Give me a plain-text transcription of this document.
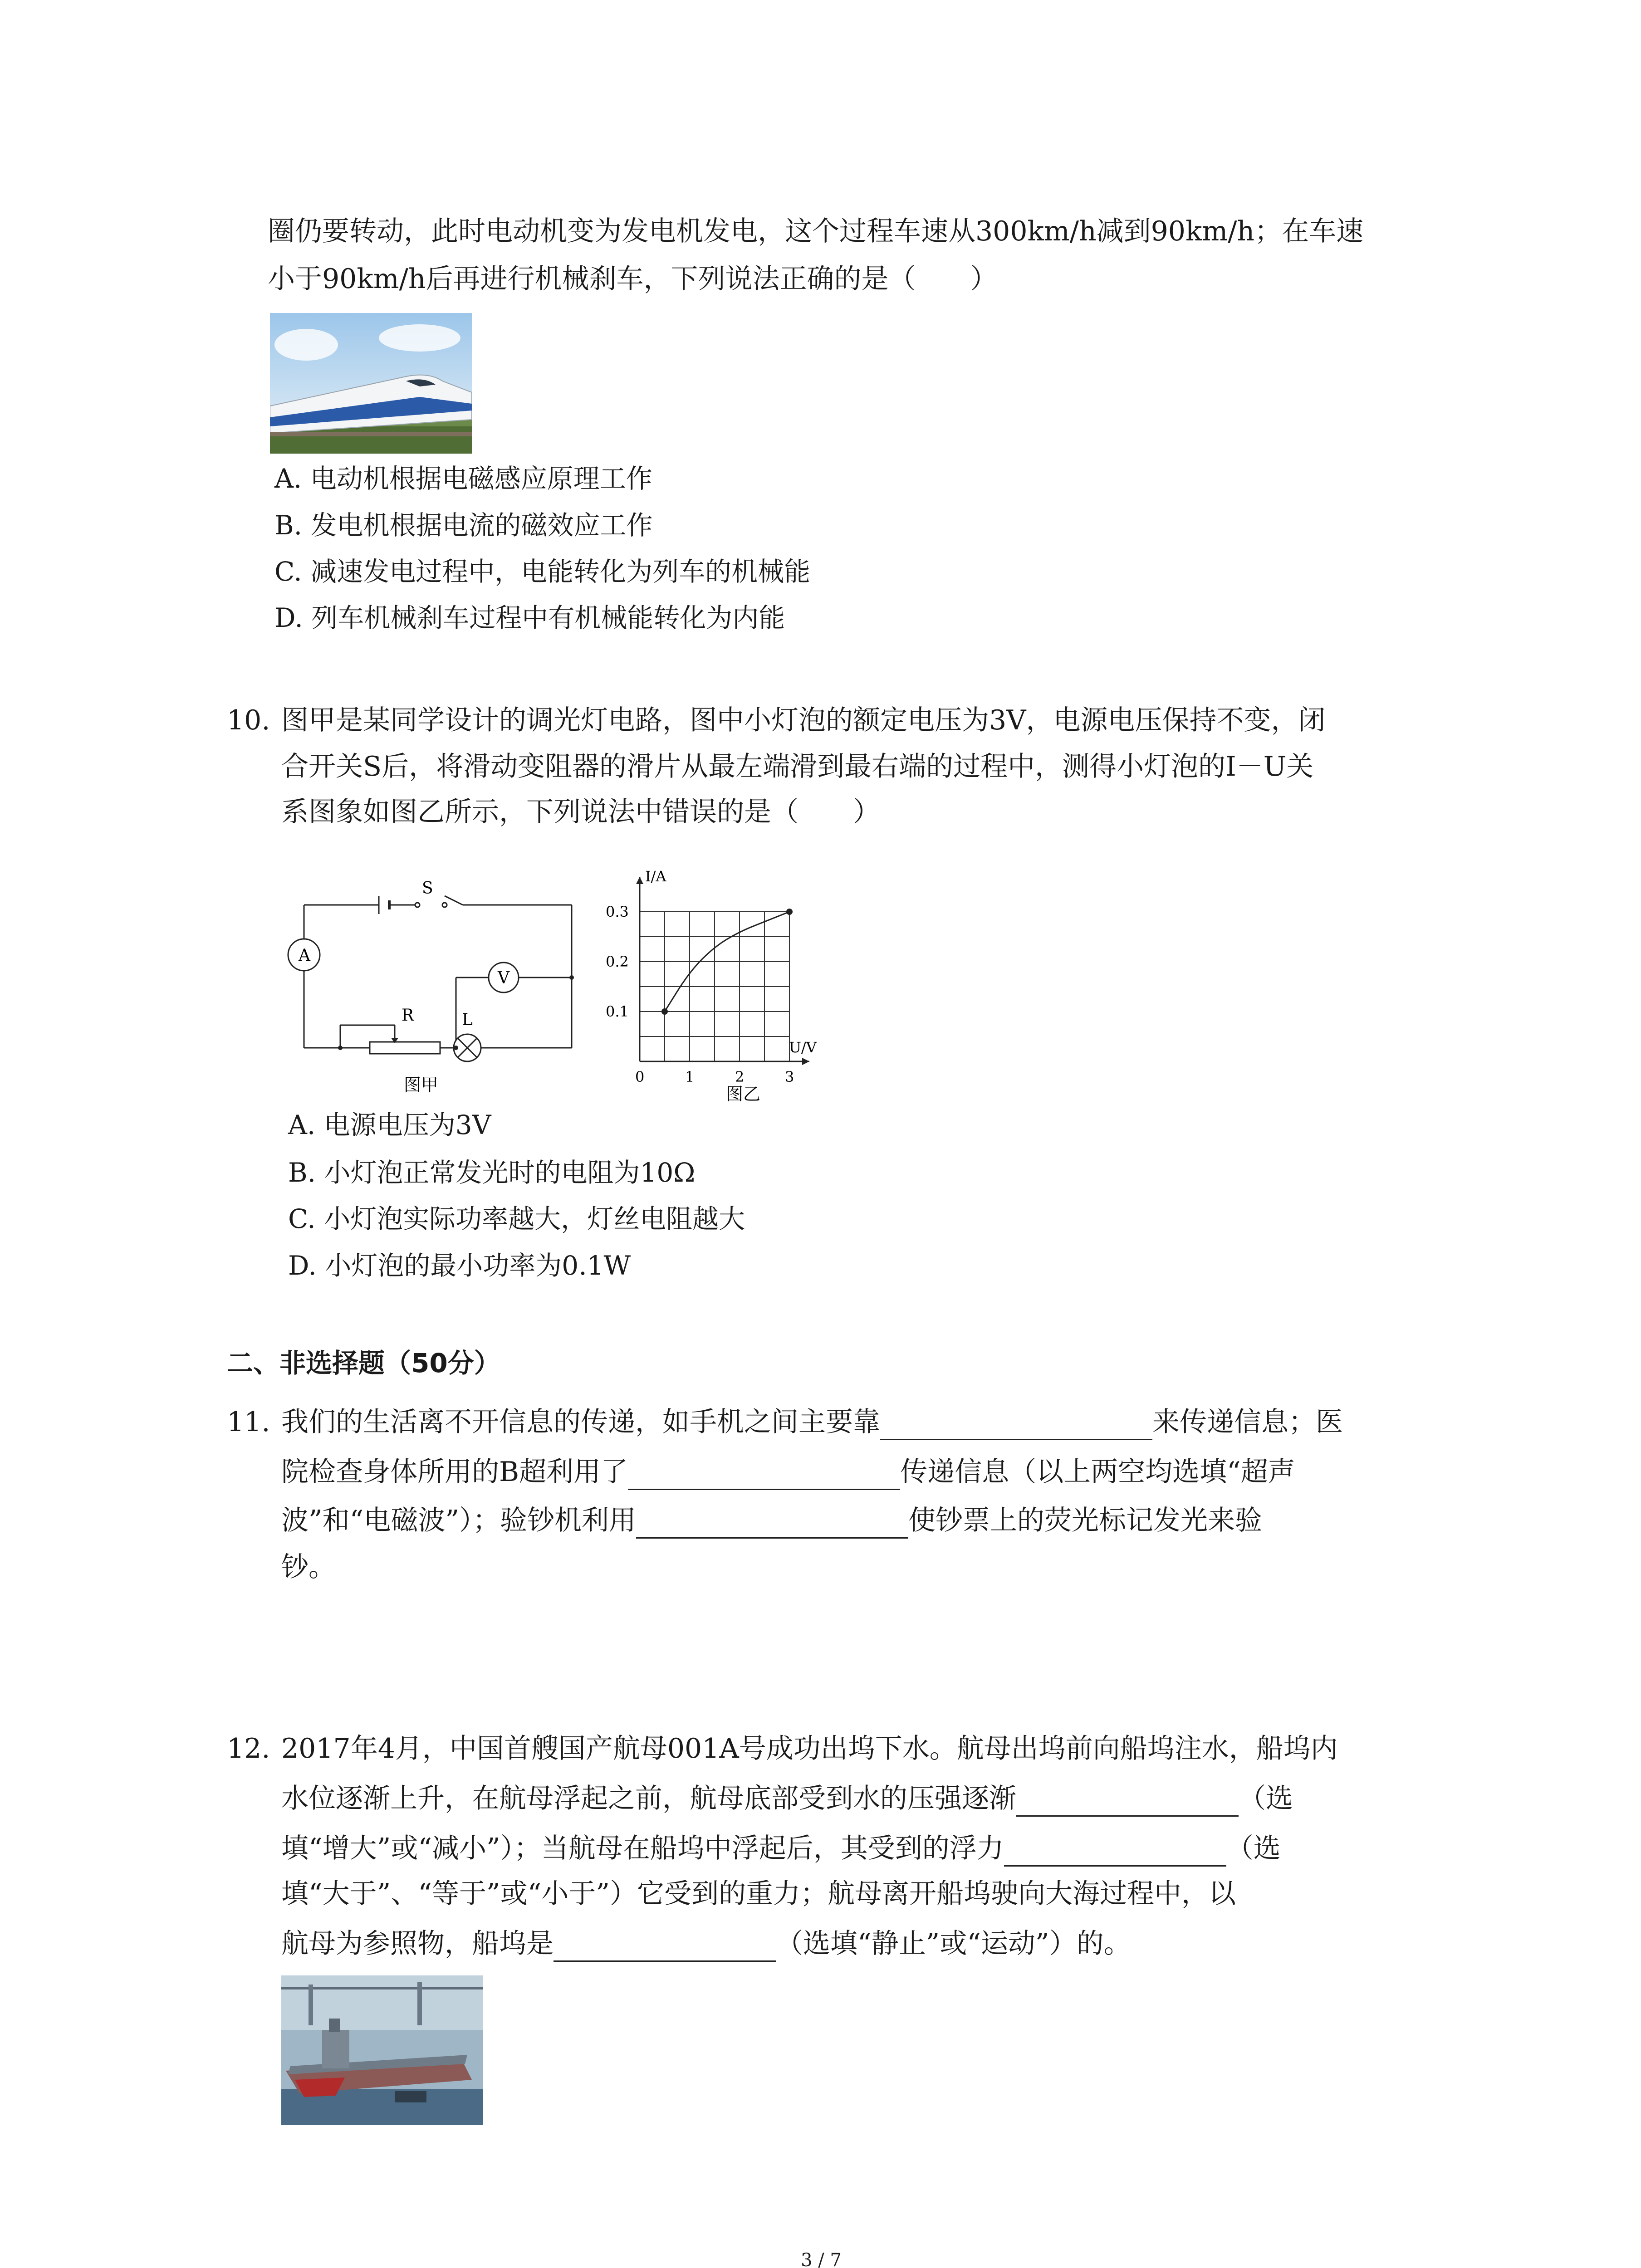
圈仍要转动，此时电动机变为发电机发电，这个过程车速从300km/h减到90km/h；在车速
小于90km/h后再进行机械刹车，下列说法正确的是（　　）
A. 电动机根据电磁感应原理工作
B. 发电机根据电流的磁效应工作
C. 减速发电过程中，电能转化为列车的机械能
D. 列车机械刹车过程中有机械能转化为内能
10. 图甲是某同学设计的调光灯电路，图中小灯泡的额定电压为3V，电源电压保持不变，闭
合开关S后，将滑动变阻器的滑片从最左端滑到最右端的过程中，测得小灯泡的I－U关
系图象如图乙所示，下列说法中错误的是（　　）
S
A
V
R	L
图甲	0	1	2	3
0.1
0.2
0.3
U/V
I/A
图乙
A. 电源电压为3V
B. 小灯泡正常发光时的电阻为10Ω
C. 小灯泡实际功率越大，灯丝电阻越大
D. 小灯泡的最小功率为0.1W
二、非选择题（50分）
11. 我们的生活离不开信息的传递，如手机之间主要靠	来传递信息；医
院检查身体所用的B超利用了	传递信息（以上两空均选填“超声
波”和“电磁波”）；验钞机利用	使钞票上的荧光标记发光来验
钞。
12. 2017年4月，中国首艘国产航母001A号成功出坞下水。航母出坞前向船坞注水，船坞内
水位逐渐上升，在航母浮起之前，航母底部受到水的压强逐渐	（选
填“增大”或“减小”）；当航母在船坞中浮起后，其受到的浮力	（选
填“大于”、“等于”或“小于”）它受到的重力；航母离开船坞驶向大海过程中，以
航母为参照物，船坞是	（选填“静止”或“运动”）的。
3 / 7
